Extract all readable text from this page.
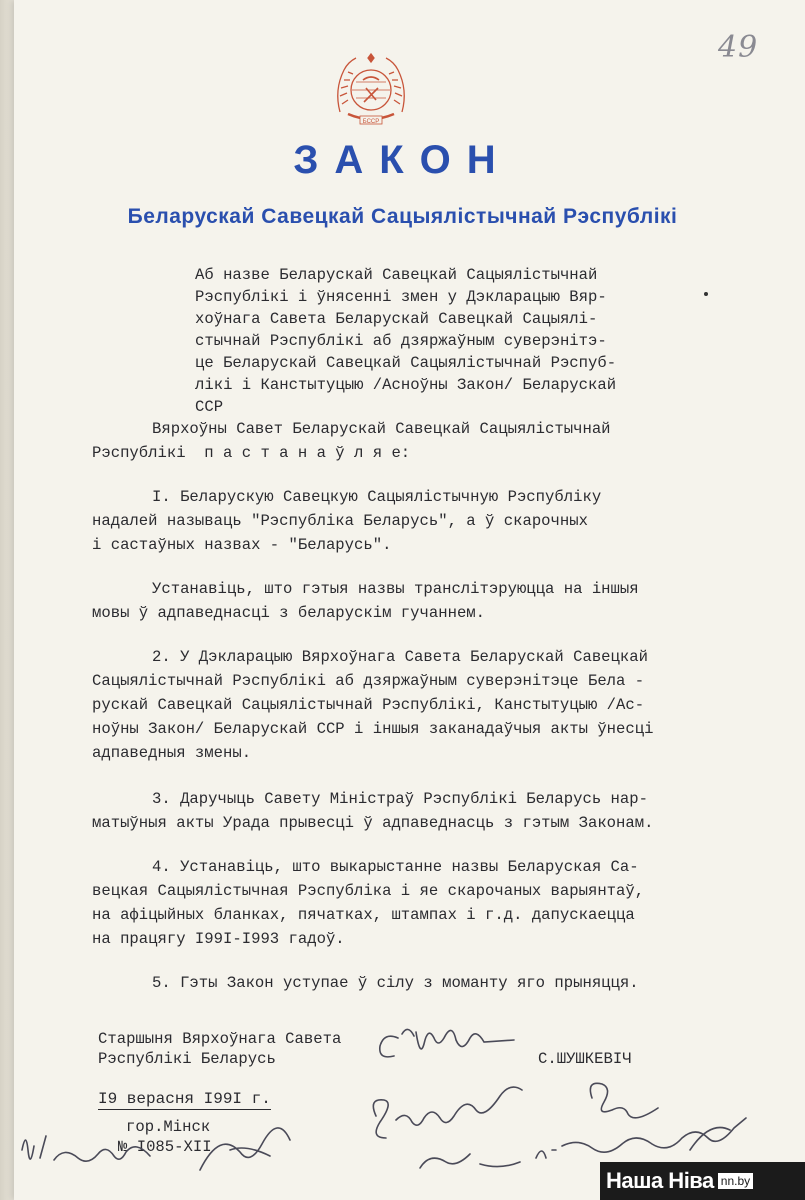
49
БССР
ЗАКОН
Беларускай Савецкай Сацыялістычнай Рэспублікі
Аб назве Беларускай Савецкай Сацыялістычнай
Рэспублікі і ўнясенні змен у Дэкларацыю Вяр-
хоўнага Савета Беларускай Савецкай Сацыялі-
стычнай Рэспублікі аб дзяржаўным суверэнітэ-
це Беларускай Савецкай Сацыялістычнай Рэспуб-
лікі і Канстытуцыю /Асноўны Закон/ Беларускай
ССР
Вярхоўны Савет Беларускай Савецкай Сацыялістычнай
Рэспублікі  п а с т а н а ў л я е:
I. Беларускую Савецкую Сацыялістычную Рэспубліку
надалей называць "Рэспубліка Беларусь", а ў скарочных
і састаўных назвах - "Беларусь".
Устанавіць, што гэтыя назвы транслітэруюцца на іншыя
мовы ў адпаведнасці з беларускім гучаннем.
2. У Дэкларацыю Вярхоўнага Савета Беларускай Савецкай
Сацыялістычнай Рэспублікі аб дзяржаўным суверэнітэце Бела -
рускай Савецкай Сацыялістычнай Рэспублікі, Канстытуцыю /Ас-
ноўны Закон/ Беларускай ССР і іншыя заканадаўчыя акты ўнесці
адпаведныя змены.
3. Даручыць Савету Міністраў Рэспублікі Беларусь нар-
матыўныя акты Урада прывесці ў адпаведнасць з гэтым Законам.
4. Устанавіць, што выкарыстанне назвы Беларуская Са-
вецкая Сацыялістычная Рэспубліка і яе скарочаных варыянтаў,
на афіцыйных бланках, пячатках, штампах і г.д. дапускаецца
на працягу I99I-I993 гадоў.
5. Гэты Закон уступае ў сілу з моманту яго прыняцця.
Старшыня Вярхоўнага Савета
Рэспублікі Беларусь	С.ШУШКЕВІЧ
I9 верасня I99I г.
гор.Мінск
№ I085-XII
Наша Ніва nn.by
